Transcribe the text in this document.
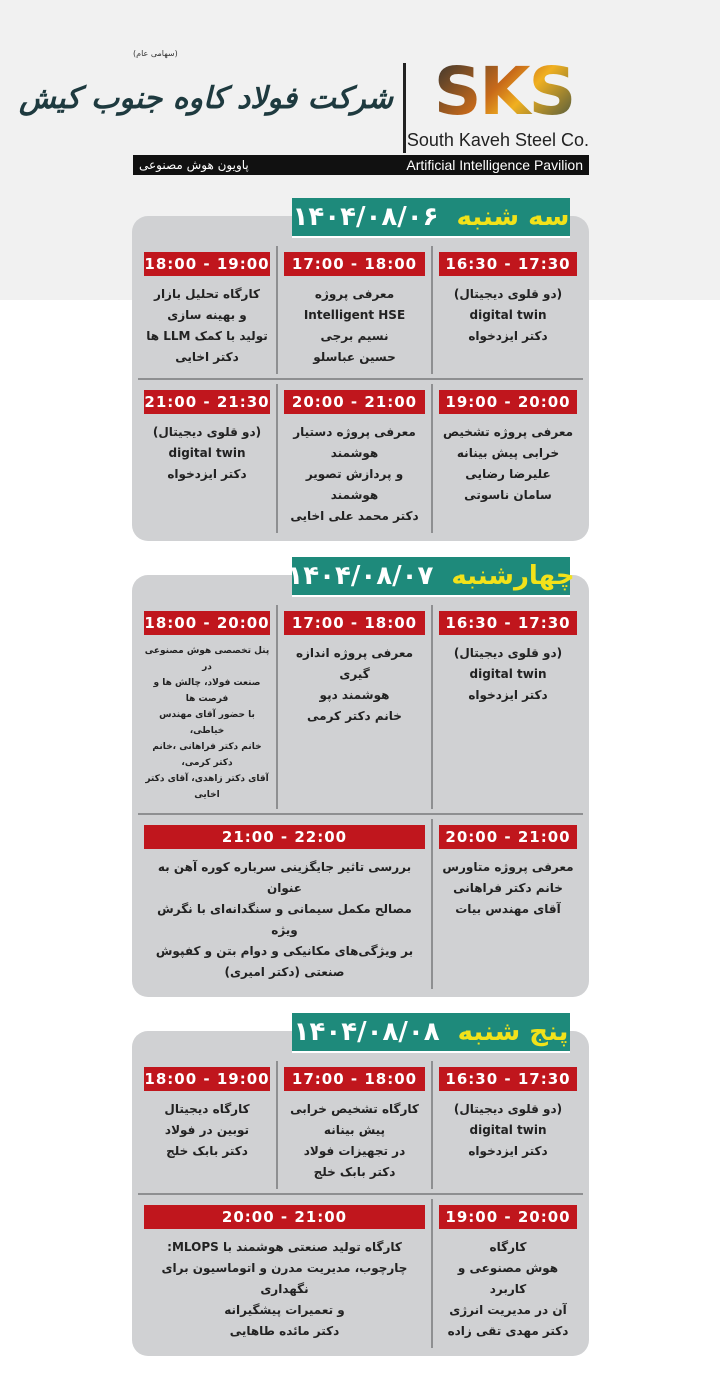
SKS
South Kaveh Steel Co.
(سهامی عام)
شرکت فولاد کاوه جنوب کیش
پاویون هوش مصنوعی	Artificial Intelligence Pavilion
سه شنبه
۱۴۰۴/۰۸/۰۶
16:30 - 17:30
(دو قلوی دیجیتال)
digital twin
دکتر ایزدخواه
17:00 - 18:00
معرفی پروژه
Intelligent HSE
نسیم برجی
حسین عباسلو
18:00 - 19:00
کارگاه تحلیل بازار
و بهینه سازی
تولید با کمک LLM ها
دکتر اخایی
19:00 - 20:00
معرفی پروژه تشخیص
خرابی پیش بینانه
علیرضا رضایی
سامان ناسوتی
20:00 - 21:00
معرفی پروژه دستیار هوشمند
و پردازش تصویر هوشمند
دکتر محمد علی اخایی
21:00 - 21:30
(دو قلوی دیجیتال)
digital twin
دکتر ایزدخواه
چهارشنبه
۱۴۰۴/۰۸/۰۷
16:30 - 17:30
(دو قلوی دیجیتال)
digital twin
دکتر ایزدخواه
17:00 - 18:00
معرفی پروژه اندازه گیری
هوشمند دپو
خانم دکتر کرمی
18:00 - 20:00
پنل تخصصی هوش مصنوعی در
صنعت فولاد، چالش ها و فرصت ها
با حضور آقای مهندس خیاطی،
خانم دکتر فراهانی ،خانم دکتر کرمی،
آقای دکتر زاهدی، آقای دکتر اخایی
20:00 - 21:00
معرفی پروژه متاورس
خانم دکتر فراهانی
آقای مهندس بیات
21:00 - 22:00
بررسی تاثیر جایگزینی سرباره کوره آهن به عنوان
مصالح مکمل سیمانی و سنگدانه‌ای با نگرش ویژه
بر ویژگی‌های مکانیکی و دوام بتن و کفپوش
صنعتی (دکتر امیری)
پنج شنبه
۱۴۰۴/۰۸/۰۸
16:30 - 17:30
(دو قلوی دیجیتال)
digital twin
دکتر ایزدخواه
17:00 - 18:00
کارگاه تشخیص خرابی
پیش بینانه
در تجهیزات فولاد
دکتر بابک خلج
18:00 - 19:00
کارگاه دیجیتال
توبین در فولاد
دکتر بابک خلج
19:00 - 20:00
کارگاه
هوش مصنوعی و کاربرد
آن در مدیریت انرژی
دکتر مهدی تقی زاده
20:00 - 21:00
کارگاه تولید صنعتی هوشمند با MLOPS:
چارچوب، مدیریت مدرن و اتوماسیون برای نگهداری
و تعمیرات پیشگیرانه
دکتر مائده طاهایی
